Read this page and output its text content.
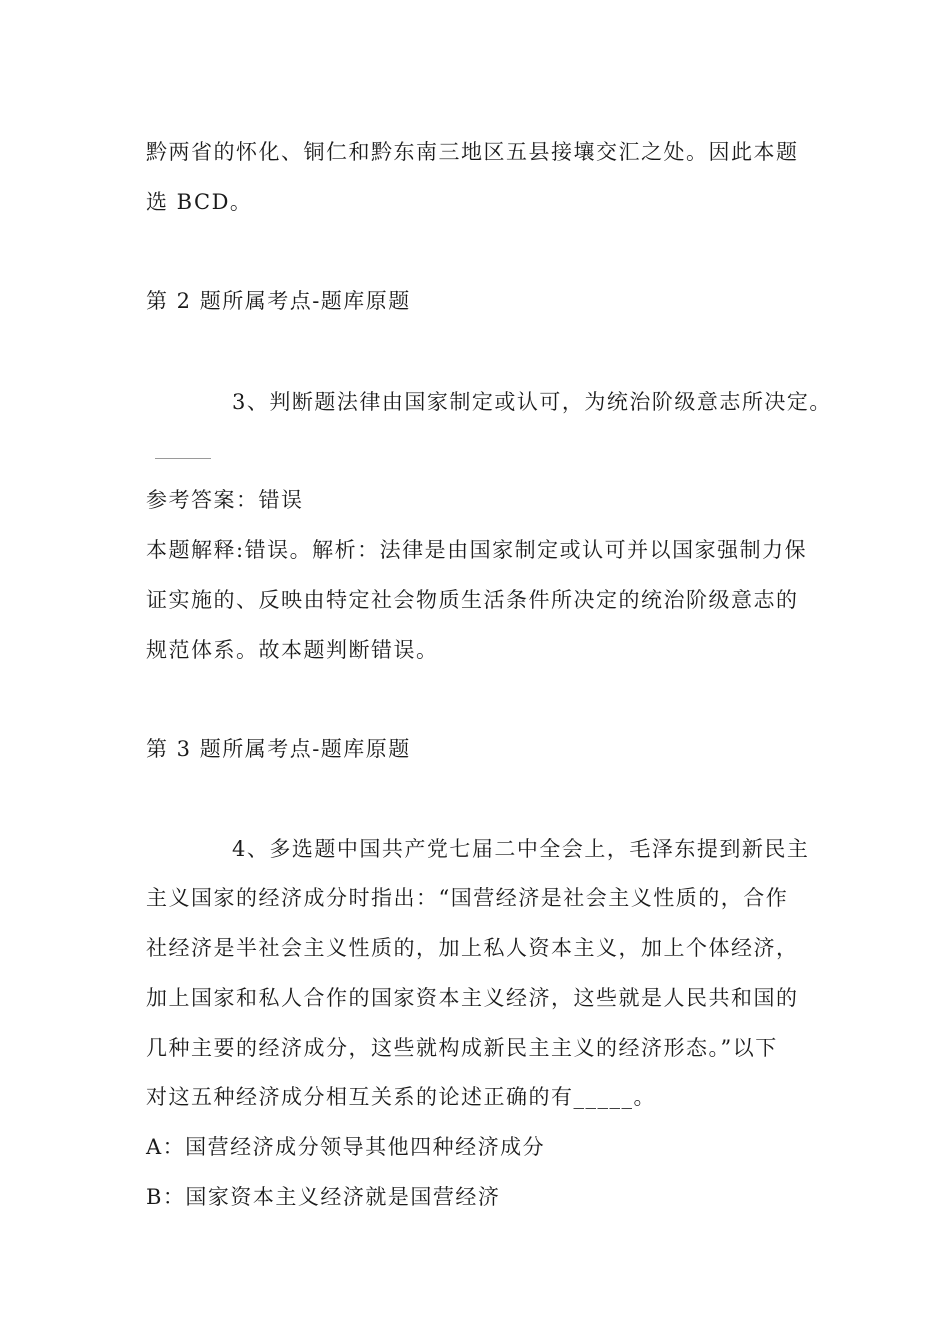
黔两省的怀化、铜仁和黔东南三地区五县接壤交汇之处。因此本题
选 BCD。
第 2 题所属考点-题库原题
3、判断题法律由国家制定或认可，为统治阶级意志所决定。
参考答案：错误
本题解释:错误。解析：法律是由国家制定或认可并以国家强制力保
证实施的、反映由特定社会物质生活条件所决定的统治阶级意志的
规范体系。故本题判断错误。
第 3 题所属考点-题库原题
4、多选题中国共产党七届二中全会上，毛泽东提到新民主
主义国家的经济成分时指出：“国营经济是社会主义性质的，合作
社经济是半社会主义性质的，加上私人资本主义，加上个体经济，
加上国家和私人合作的国家资本主义经济，这些就是人民共和国的
几种主要的经济成分，这些就构成新民主主义的经济形态。”以下
对这五种经济成分相互关系的论述正确的有_____。
A：国营经济成分领导其他四种经济成分
B：国家资本主义经济就是国营经济
